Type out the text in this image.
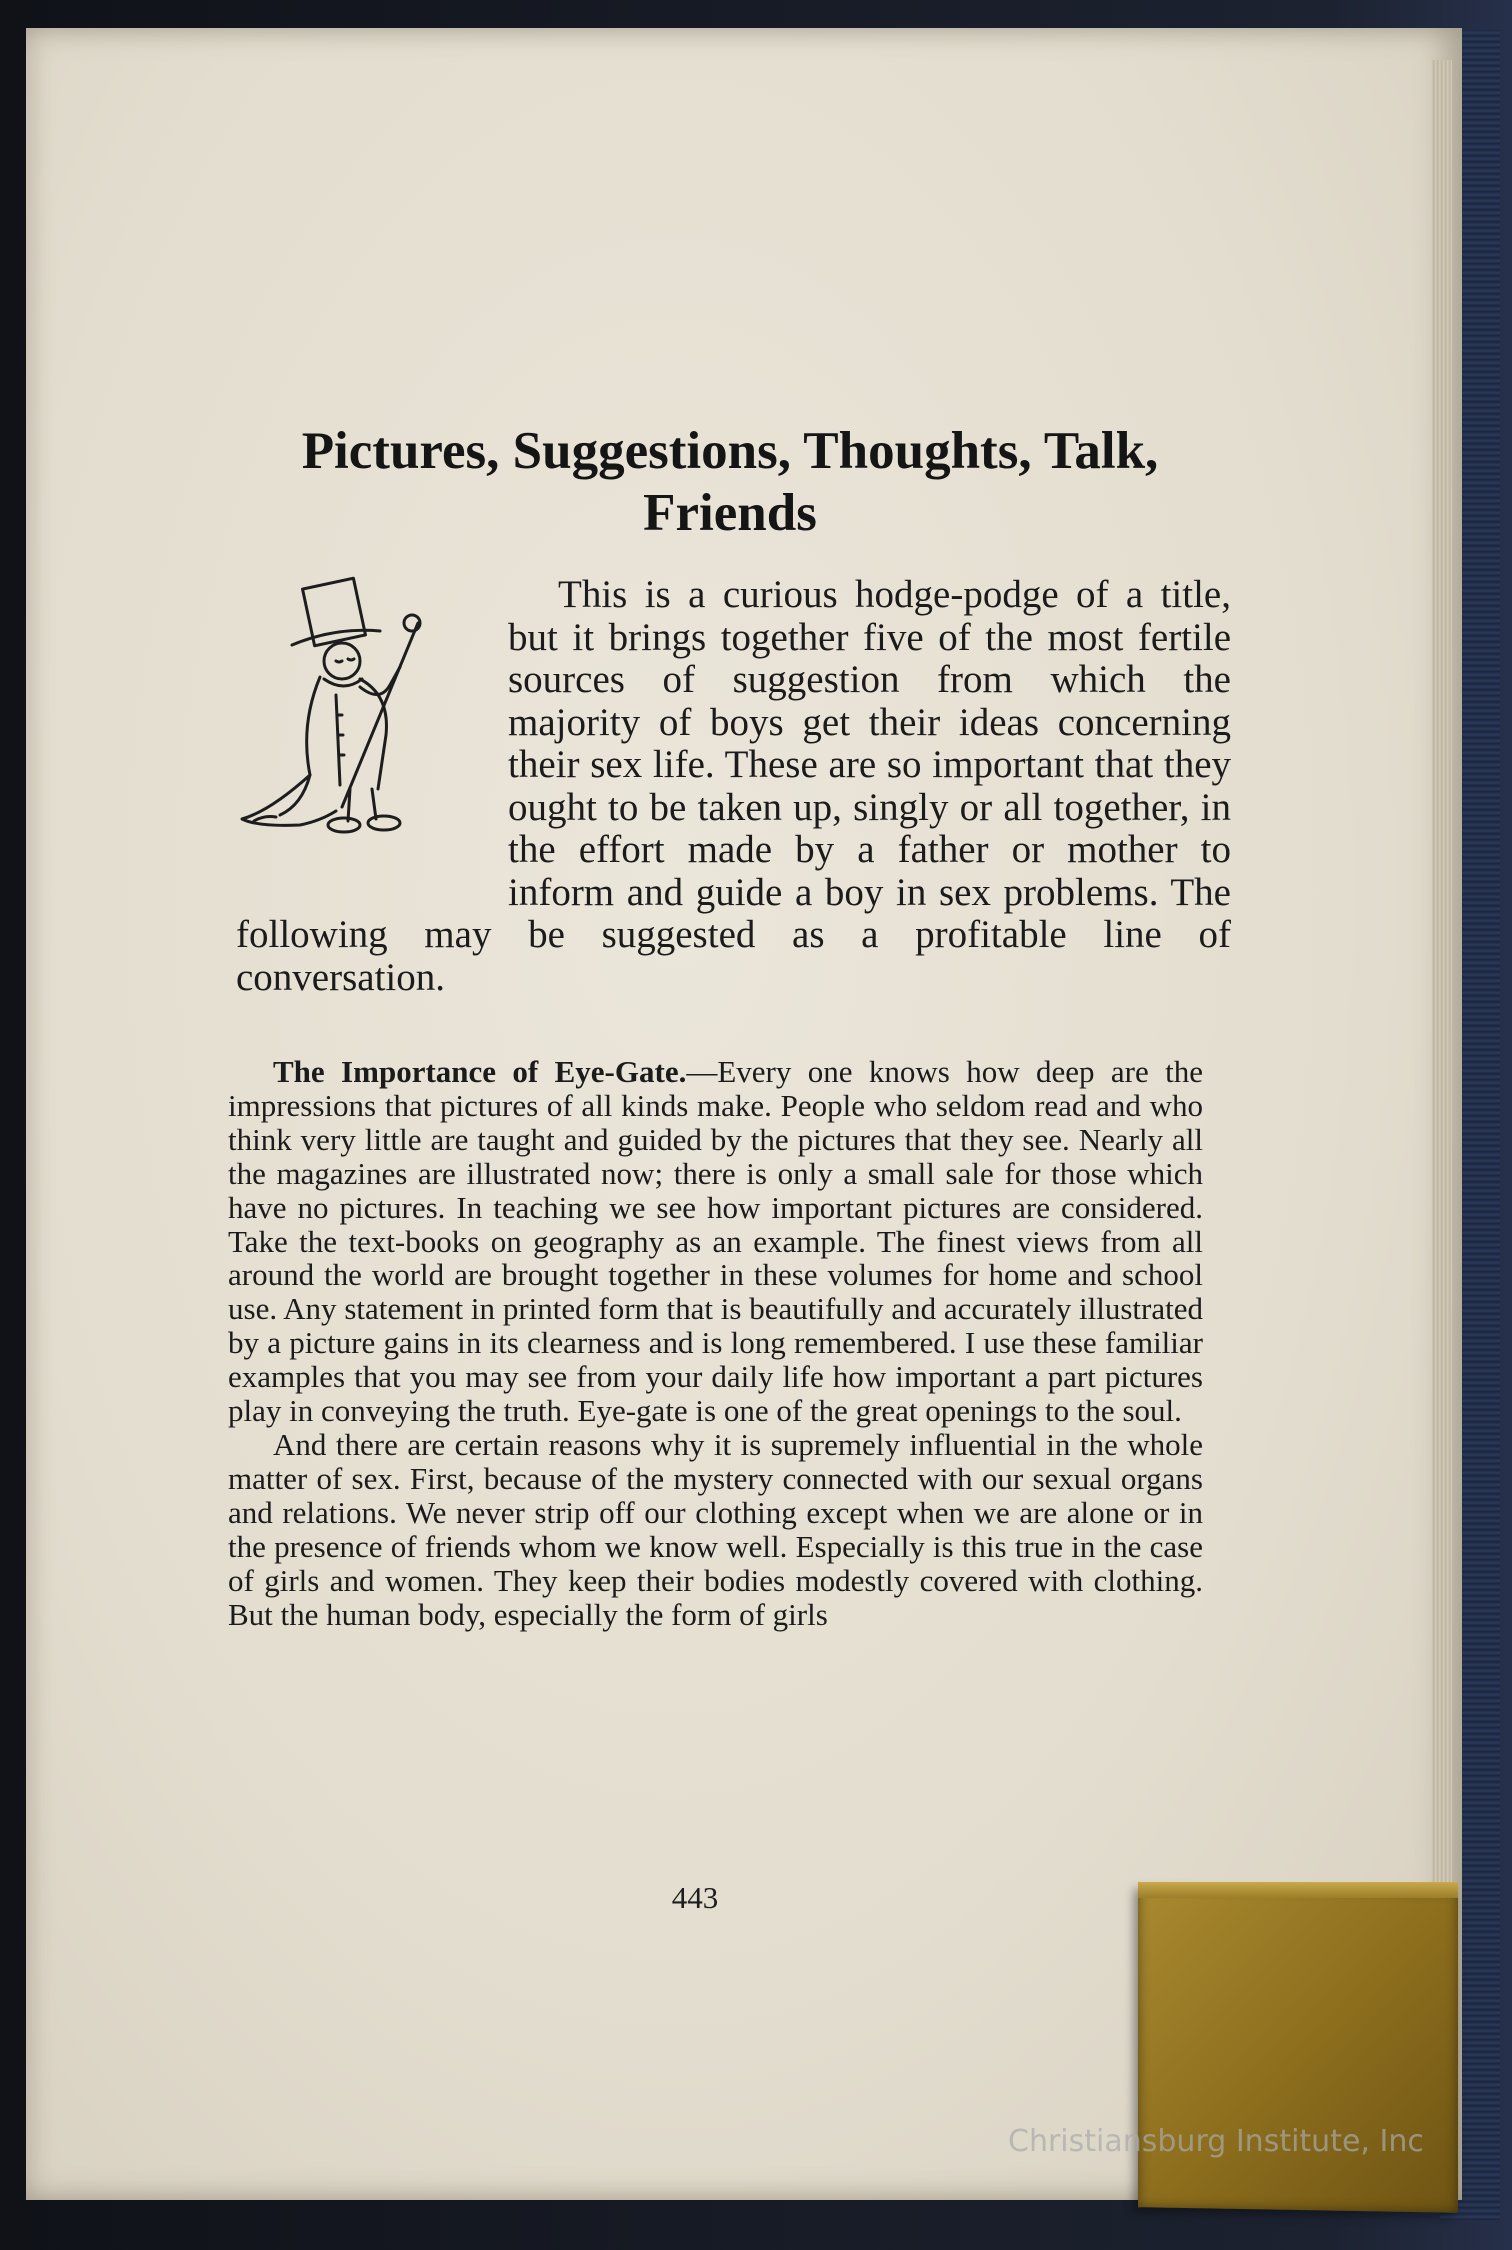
Pictures, Suggestions, Thoughts, Talk, Friends
This is a curious hodge-podge of a title, but it brings together five of the most fertile sources of suggestion from which the majority of boys get their ideas concerning their sex life. These are so important that they ought to be taken up, singly or all together, in the effort made by a father or mother to inform and guide a boy in sex problems. The following may be suggested as a profitable line of conversation.

The Importance of Eye-Gate.—Every one knows how deep are the impressions that pictures of all kinds make. People who seldom read and who think very little are taught and guided by the pictures that they see. Nearly all the magazines are illustrated now; there is only a small sale for those which have no pictures. In teaching we see how important pictures are considered. Take the text-books on geography as an example. The finest views from all around the world are brought together in these volumes for home and school use. Any statement in printed form that is beautifully and accurately illustrated by a picture gains in its clearness and is long remembered. I use these familiar examples that you may see from your daily life how important a part pictures play in conveying the truth. Eye-gate is one of the great openings to the soul.

And there are certain reasons why it is supremely influential in the whole matter of sex. First, because of the mystery connected with our sexual organs and relations. We never strip off our clothing except when we are alone or in the presence of friends whom we know well. Especially is this true in the case of girls and women. They keep their bodies modestly covered with clothing. But the human body, especially the form of girls

443

Christiansburg Institute, Inc
